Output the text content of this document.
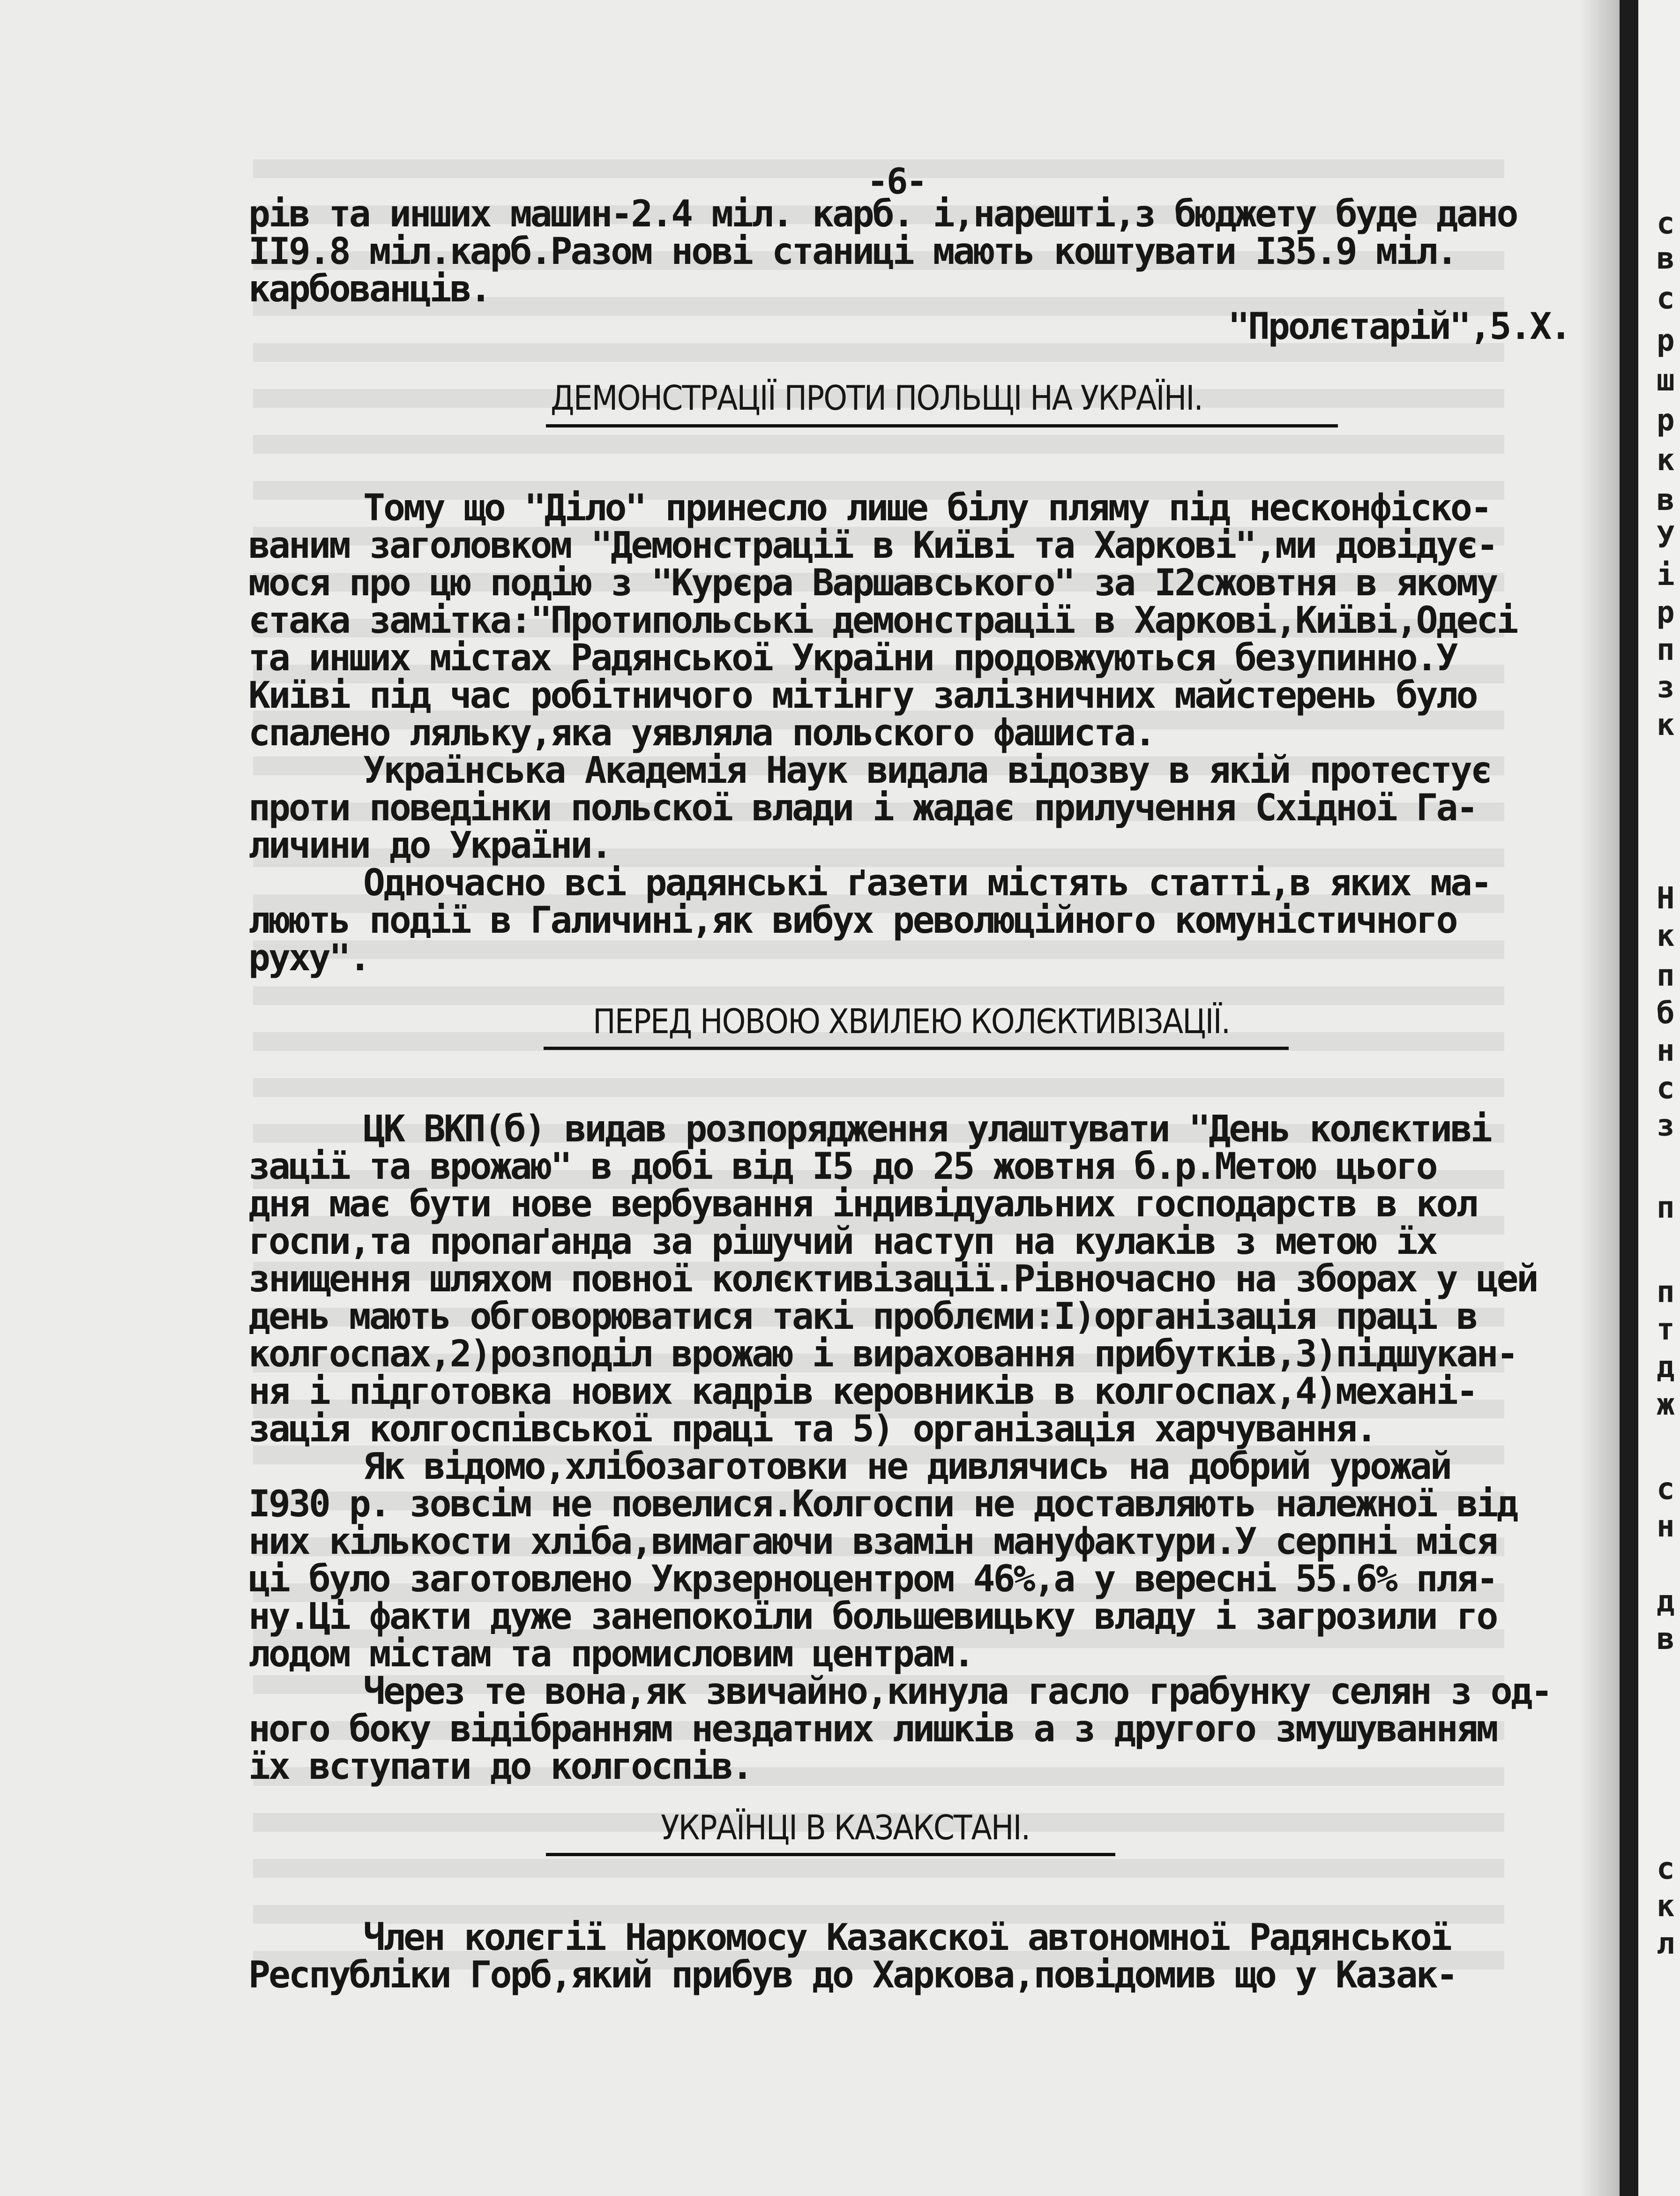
-6-
рів та инших машин-2.4 міл. карб. і,нарешті,з бюджету буде дано
ІІ9.8 міл.карб.Разом нові станиці мають коштувати І35.9 міл.
карбованців.
"Пролєтарій",5.Х.
ДЕМОНСТРАЦІЇ ПРОТИ ПОЛЬЩІ НА УКРАЇНІ.
Тому що "Діло" принесло лише білу пляму під несконфіско-
ваним заголовком "Демонстрації в Київі та Харкові",ми довідує-
мося про цю подію з "Курєра Варшавського" за І2сжовтня в якому
єтака замітка:"Протипольські демонстрації в Харкові,Київі,Одесі
та инших містах Радянської України продовжуються безупинно.У
Київі під час робітничого мітінгу залізничних майстерень було
спалено ляльку,яка уявляла польского фашиста.
Українська Академія Наук видала відозву в якій протестує
проти поведінки польскої влади і жадає прилучення Східної Га-
личини до України.
Одночасно всі радянські ґазети містять статті,в яких ма-
люють події в Галичині,як вибух революційного комуністичного
руху".
ПЕРЕД НОВОЮ ХВИЛЕЮ КОЛЄКТИВІЗАЦІЇ.
ЦК ВКП(б) видав розпорядження улаштувати "День колєктиві
зації та врожаю" в добі від І5 до 25 жовтня б.р.Метою цього
дня має бути нове вербування індивідуальних господарств в кол
госпи,та пропаґанда за рішучий наступ на кулаків з метою їх
знищення шляхом повної колєктивізації.Рівночасно на зборах у цей
день мають обговорюватися такі проблєми:І)організація праці в
колгоспах,2)розподіл врожаю і вираховання прибутків,3)підшукан-
ня і підготовка нових кадрів керовників в колгоспах,4)механі-
зація колгоспівської праці та 5) організація харчування.
Як відомо,хлібозаготовки не дивлячись на добрий урожай
І930 р. зовсім не повелися.Колгоспи не доставляють належної від
них кількости хліба,вимагаючи взамін мануфактури.У серпні міся
ці було заготовлено Укрзерноцентром 46%,а у вересні 55.6% пля-
ну.Ці факти дуже занепокоїли большевицьку владу і загрозили го
лодом містам та промисловим центрам.
Через те вона,як звичайно,кинула гасло грабунку селян з од-
ного боку відібранням нездатних лишків а з другого змушуванням
їх вступати до колгоспів.
УКРАЇНЦІ В КАЗАКСТАНІ.
Член колєгії Наркомосу Казакскої автономної Радянської
Республіки Горб,який прибув до Харкова,повідомив що у Казак-
с
в
с
р
ш
р
к
в
У
і
р
п
з
к
Н
к
п
б
н
с
з
п
п
т
д
ж
с
н
д
в
с
к
л
